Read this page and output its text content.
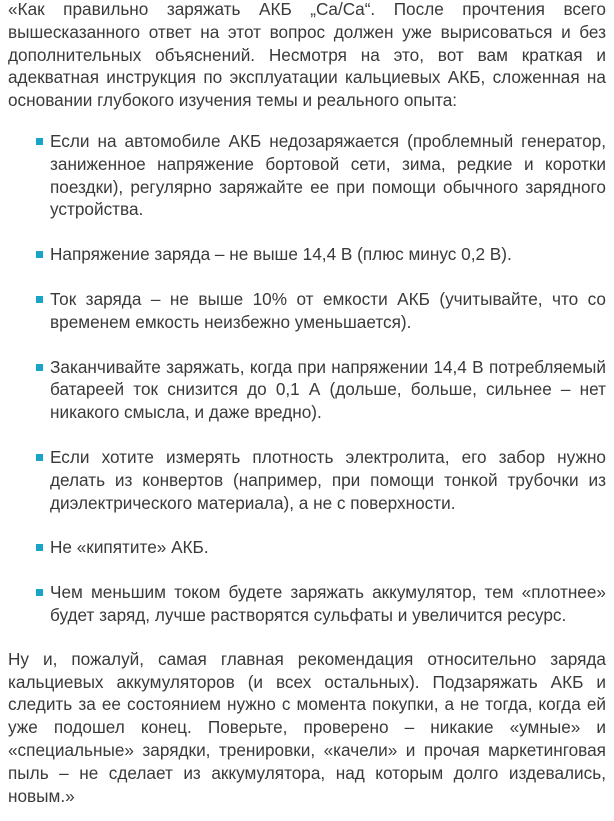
«Как правильно заряжать АКБ „Ca/Ca“. После прочтения всего вышесказанного ответ на этот вопрос должен уже вырисоваться и без дополнительных объяснений. Несмотря на это, вот вам краткая и адекватная инструкция по эксплуатации кальциевых АКБ, сложенная на основании глубокого изучения темы и реального опыта:

Если на автомобиле АКБ недозаряжается (проблемный генератор, заниженное напряжение бортовой сети, зима, редкие и коротки поездки), регулярно заряжайте ее при помощи обычного зарядного устройства.
Напряжение заряда – не выше 14,4 В (плюс минус 0,2 В).
Ток заряда – не выше 10% от емкости АКБ (учитывайте, что со временем емкость неизбежно уменьшается).
Заканчивайте заряжать, когда при напряжении 14,4 В потребляемый батареей ток снизится до 0,1 А (дольше, больше, сильнее – нет никакого смысла, и даже вредно).
Если хотите измерять плотность электролита, его забор нужно делать из конвертов (например, при помощи тонкой трубочки из диэлектрического материала), а не с поверхности.
Не «кипятите» АКБ.
Чем меньшим током будете заряжать аккумулятор, тем «плотнее» будет заряд, лучше растворятся сульфаты и увеличится ресурс.

Ну и, пожалуй, самая главная рекомендация относительно заряда кальциевых аккумуляторов (и всех остальных). Подзаряжать АКБ и следить за ее состоянием нужно с момента покупки, а не тогда, когда ей уже подошел конец. Поверьте, проверено – никакие «умные» и «специальные» зарядки, тренировки, «качели» и прочая маркетинговая пыль – не сделает из аккумулятора, над которым долго издевались, новым.»
